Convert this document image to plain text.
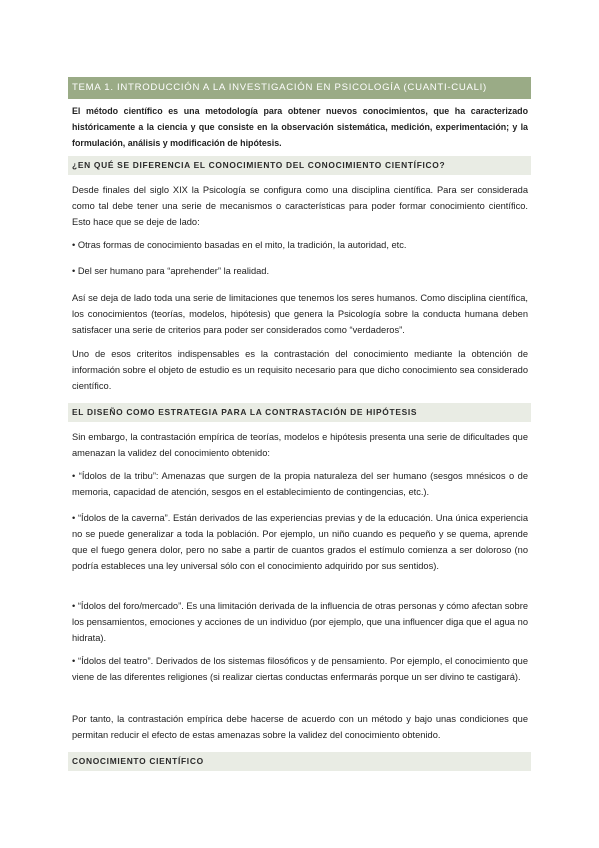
TEMA 1. INTRODUCCIÓN A LA INVESTIGACIÓN EN PSICOLOGÍA (CUANTI-CUALI)

El método científico es una metodología para obtener nuevos conocimientos, que ha caracterizado históricamente a la ciencia y que consiste en la observación sistemática, medición, experimentación; y la formulación, análisis y modificación de hipótesis.

¿EN QUÉ SE DIFERENCIA EL CONOCIMIENTO DEL CONOCIMIENTO CIENTÍFICO?

Desde finales del siglo XIX la Psicología se configura como una disciplina científica. Para ser considerada como tal debe tener una serie de mecanismos o características para poder formar conocimiento científico. Esto hace que se deje de lado:

• Otras formas de conocimiento basadas en el mito, la tradición, la autoridad, etc.

• Del ser humano para “aprehender” la realidad.

Así se deja de lado toda una serie de limitaciones que tenemos los seres humanos. Como disciplina científica, los conocimientos (teorías, modelos, hipótesis) que genera la Psicología sobre la conducta humana deben satisfacer una serie de criterios para poder ser considerados como “verdaderos”.

Uno de esos criteritos indispensables es la contrastación del conocimiento mediante la obtención de información sobre el objeto de estudio es un requisito necesario para que dicho conocimiento sea considerado científico.

EL DISEÑO COMO ESTRATEGIA PARA LA CONTRASTACIÓN DE HIPÓTESIS

Sin embargo, la contrastación empírica de teorías, modelos e hipótesis presenta una serie de dificultades que amenazan la validez del conocimiento obtenido:

• “Ídolos de la tribu”: Amenazas que surgen de la propia naturaleza del ser humano (sesgos mnésicos o de memoria, capacidad de atención, sesgos en el establecimiento de contingencias, etc.).

• “Ídolos de la caverna”. Están derivados de las experiencias previas y de la educación. Una única experiencia no se puede generalizar a toda la población. Por ejemplo, un niño cuando es pequeño y se quema, aprende que el fuego genera dolor, pero no sabe a partir de cuantos grados el estímulo comienza a ser doloroso (no podría estableces una ley universal sólo con el conocimiento adquirido por sus sentidos).

• “Ídolos del foro/mercado”. Es una limitación derivada de la influencia de otras personas y cómo afectan sobre los pensamientos, emociones y acciones de un individuo (por ejemplo, que una influencer diga que el agua no hidrata).

• “Ídolos del teatro”. Derivados de los sistemas filosóficos y de pensamiento. Por ejemplo, el conocimiento que viene de las diferentes religiones (si realizar ciertas conductas enfermarás porque un ser divino te castigará).

Por tanto, la contrastación empírica debe hacerse de acuerdo con un método y bajo unas condiciones que permitan reducir el efecto de estas amenazas sobre la validez del conocimiento obtenido.

CONOCIMIENTO CIENTÍFICO
